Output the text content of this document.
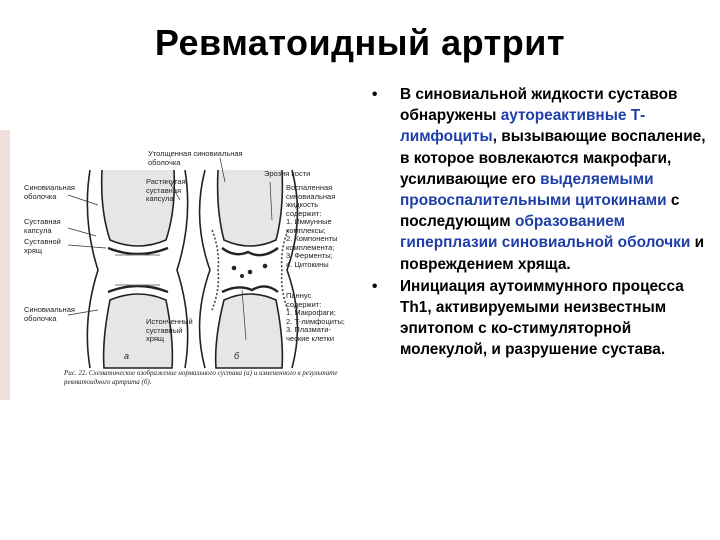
Ревматоидный артрит
Утолщенная синовиальная
оболочка
Эрозия кости
Синовиальная
оболочка
Растянутая
суставная
капсула
Воспаленная
синовиальная
жидкость
содержит:
1. Иммунные
комплексы;
2. Компоненты
комплемента;
3. Ферменты;
4. Цитокины
Суставная
капсула
Суставной
хрящ
Синовиальная
оболочка
Паннус
содержит:
1. Макрофаги;
2. Т-лимфоциты;
3. Плазмати-
ческие клетки
Истонченный
суставный
хрящ
а	б
Рис. 22. Схематическое изображение нормального сустава (а) и измененного в результате ревматоидного артрита (б).
• В синовиальной жидкости суставов обнаружены аутореактивные Т-лимфоциты, вызывающие воспаление, в которое вовлекаются макрофаги, усиливающие его выделяемыми провоспалительными цитокинами с последующим образованием гиперплазии синовиальной оболочки и повреждением хряща.
• Инициация аутоиммунного процесса Th1, активируемыми неизвестным эпитопом с ко-стимуляторной молекулой, и разрушение сустава.
